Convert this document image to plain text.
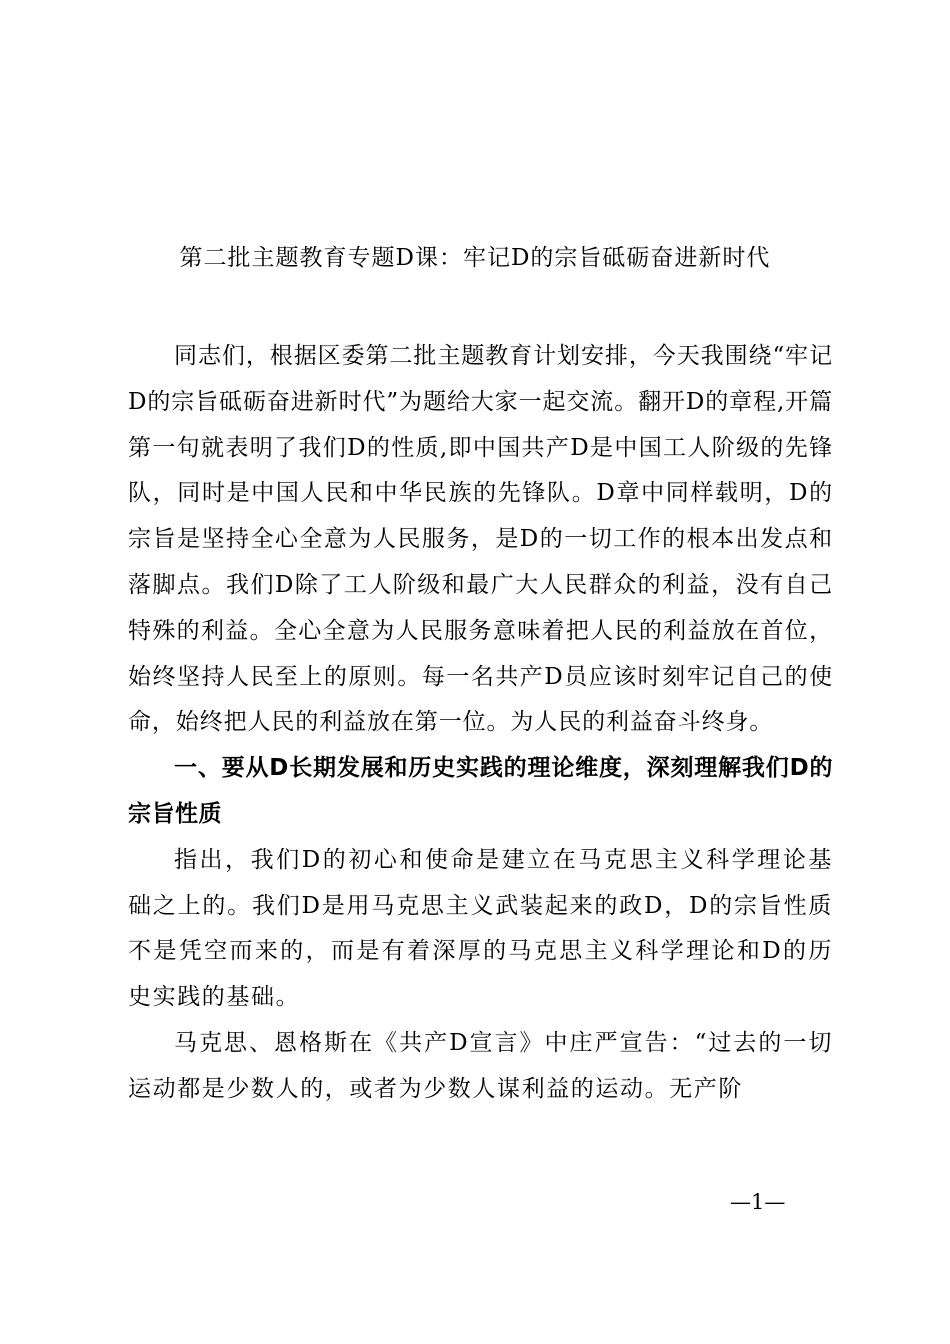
第二批主题教育专题D课：牢记D的宗旨砥砺奋进新时代

同志们，根据区委第二批主题教育计划安排，今天我围绕“牢记D的宗旨砥砺奋进新时代”为题给大家一起交流。翻开D的章程,开篇第一句就表明了我们D的性质,即中国共产D是中国工人阶级的先锋队，同时是中国人民和中华民族的先锋队。D章中同样载明，D的宗旨是坚持全心全意为人民服务，是D的一切工作的根本出发点和落脚点。我们D除了工人阶级和最广大人民群众的利益，没有自己特殊的利益。全心全意为人民服务意味着把人民的利益放在首位，始终坚持人民至上的原则。每一名共产D员应该时刻牢记自己的使命，始终把人民的利益放在第一位。为人民的利益奋斗终身。

一、要从D长期发展和历史实践的理论维度，深刻理解我们D的宗旨性质

指出，我们D的初心和使命是建立在马克思主义科学理论基础之上的。我们D是用马克思主义武装起来的政D，D的宗旨性质不是凭空而来的，而是有着深厚的马克思主义科学理论和D的历史实践的基础。

马克思、恩格斯在《共产D宣言》中庄严宣告：“过去的一切运动都是少数人的，或者为少数人谋利益的运动。无产阶

—1—
